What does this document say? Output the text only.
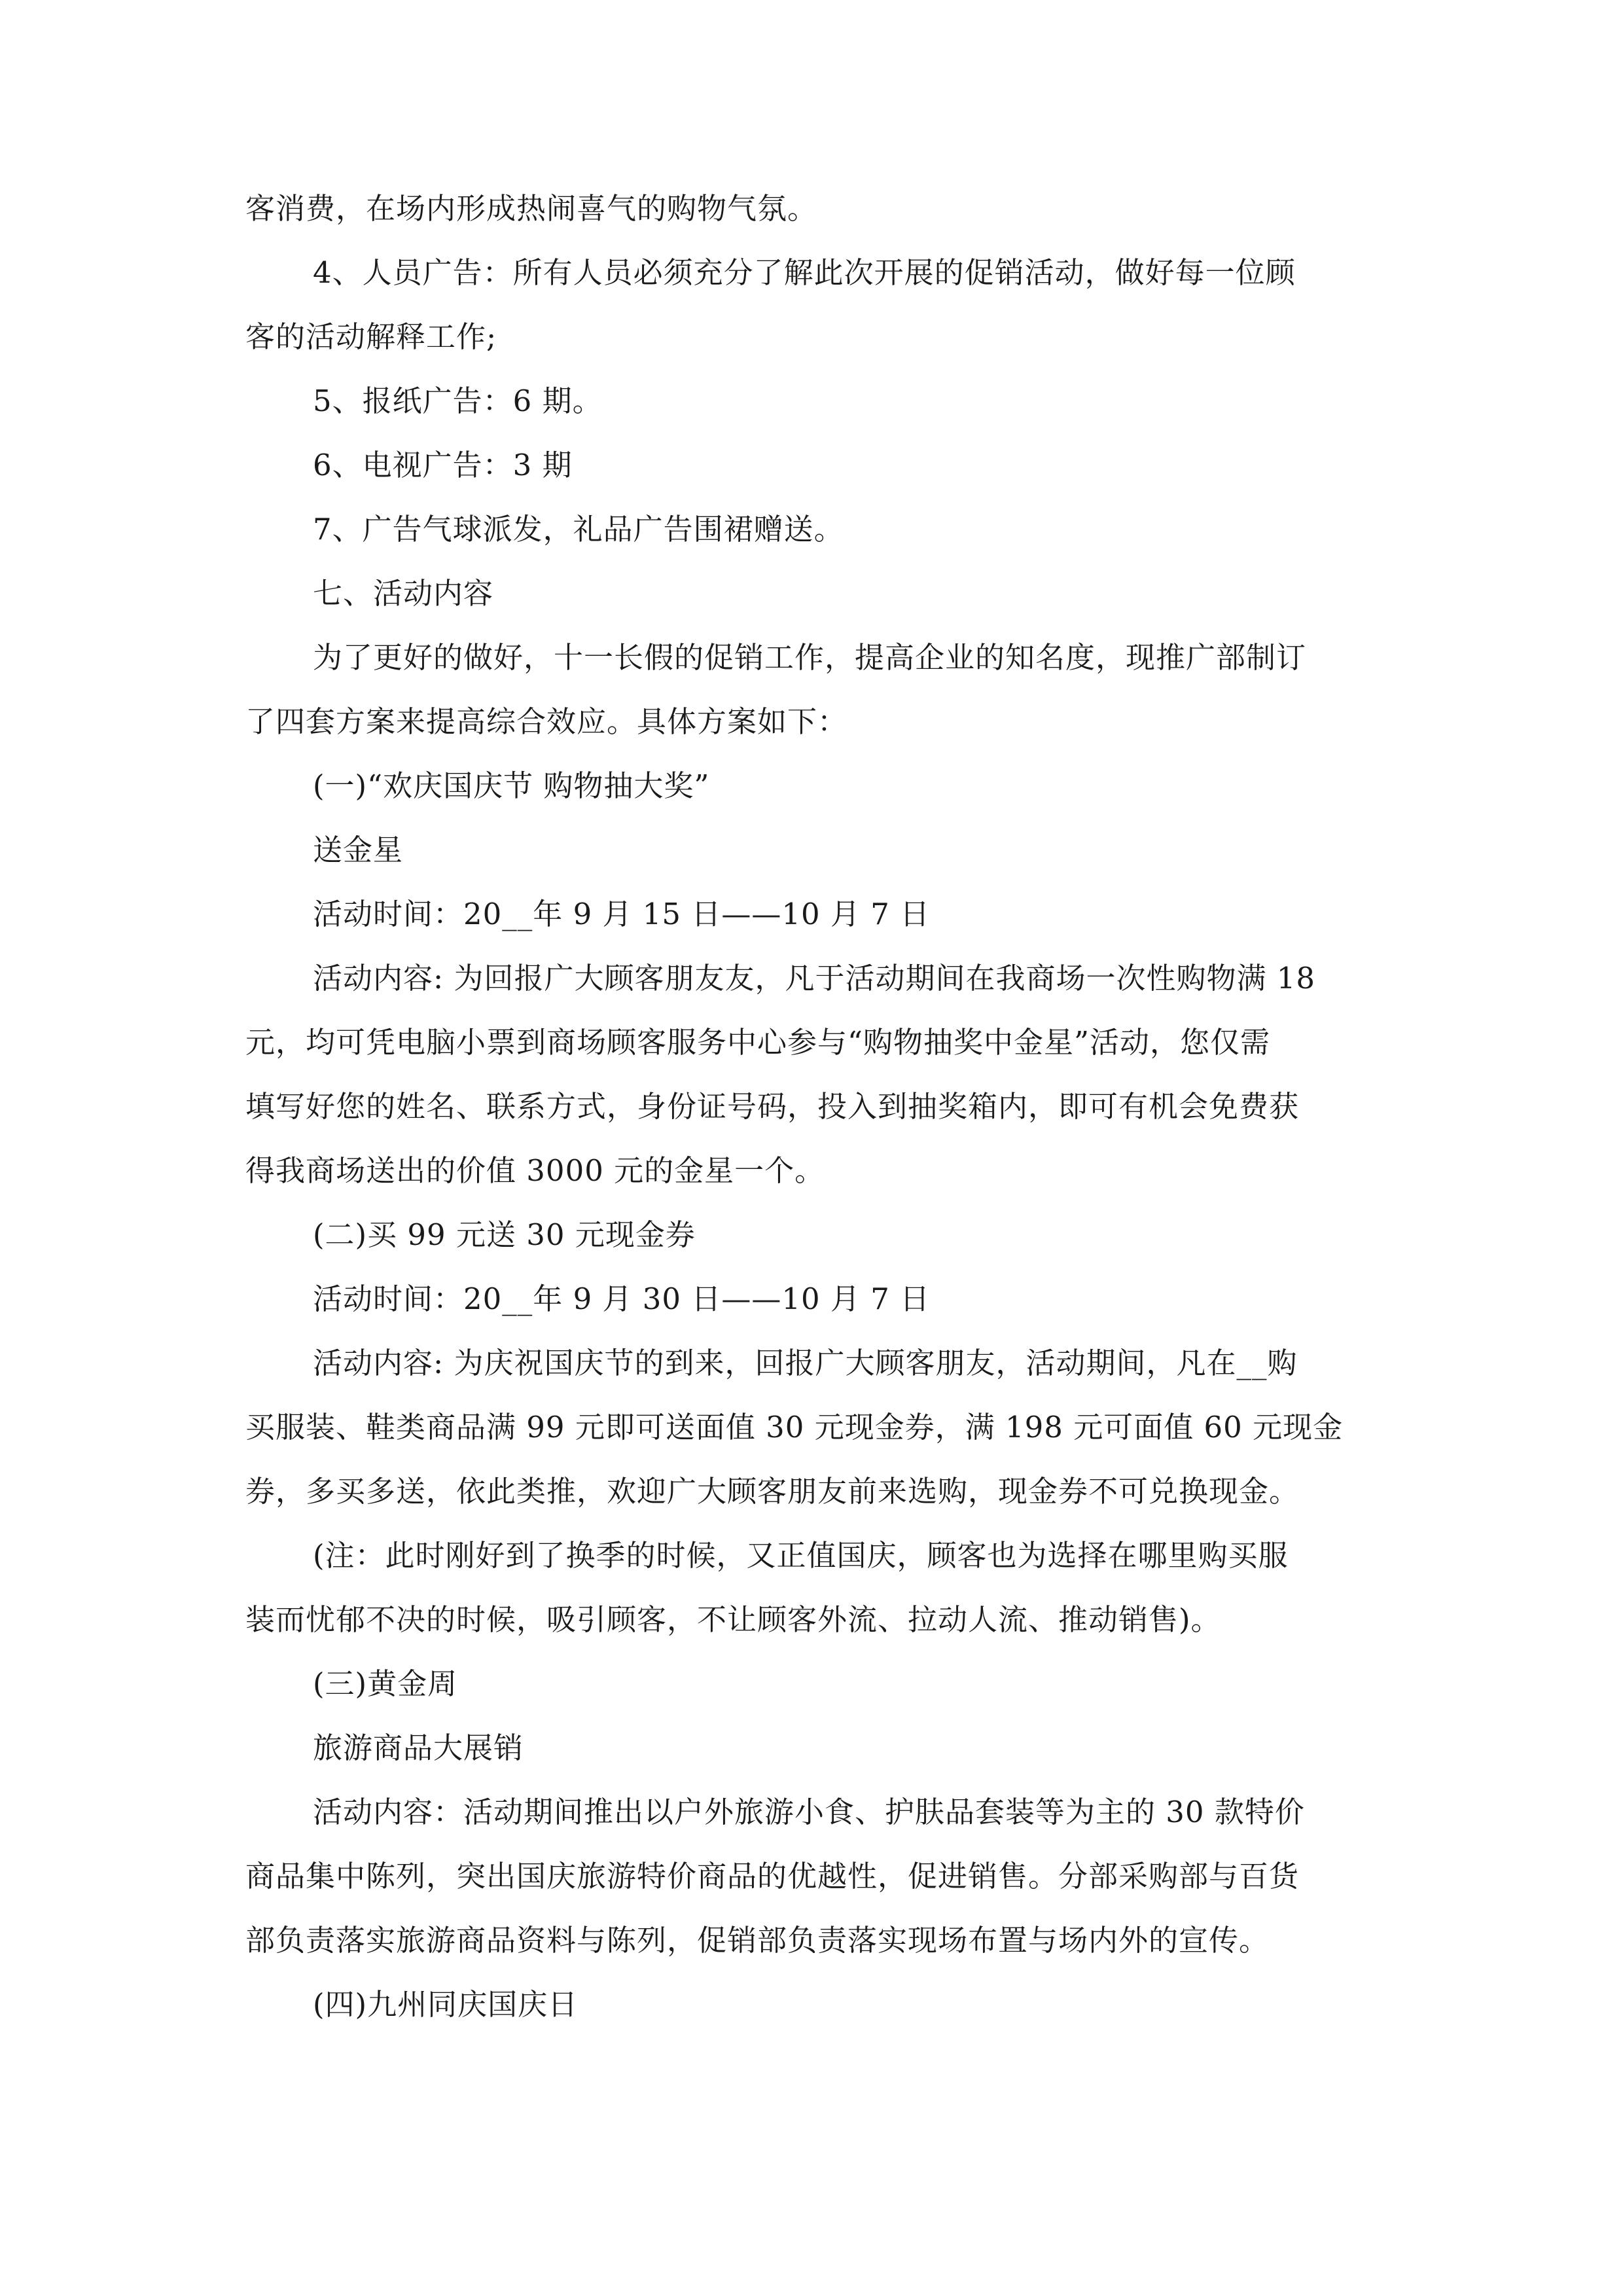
客消费，在场内形成热闹喜气的购物气氛。
4、人员广告：所有人员必须充分了解此次开展的促销活动，做好每一位顾
客的活动解释工作;
5、报纸广告：6 期。
6、电视广告：3 期
7、广告气球派发，礼品广告围裙赠送。
七、活动内容
为了更好的做好，十一长假的促销工作，提高企业的知名度，现推广部制订
了四套方案来提高综合效应。具体方案如下：
(一)“欢庆国庆节 购物抽大奖”
送金星
活动时间：20__年 9 月 15 日——10 月 7 日
活动内容: 为回报广大顾客朋友友，凡于活动期间在我商场一次性购物满 18
元，均可凭电脑小票到商场顾客服务中心参与“购物抽奖中金星”活动，您仅需
填写好您的姓名、联系方式，身份证号码，投入到抽奖箱内，即可有机会免费获
得我商场送出的价值 3000 元的金星一个。
(二)买 99 元送 30 元现金券
活动时间：20__年 9 月 30 日——10 月 7 日
活动内容: 为庆祝国庆节的到来，回报广大顾客朋友，活动期间，凡在__购
买服装、鞋类商品满 99 元即可送面值 30 元现金券，满 198 元可面值 60 元现金
券，多买多送，依此类推，欢迎广大顾客朋友前来选购，现金券不可兑换现金。
(注：此时刚好到了换季的时候，又正值国庆，顾客也为选择在哪里购买服
装而忧郁不决的时候，吸引顾客，不让顾客外流、拉动人流、推动销售)。
(三)黄金周
旅游商品大展销
活动内容：活动期间推出以户外旅游小食、护肤品套装等为主的 30 款特价
商品集中陈列，突出国庆旅游特价商品的优越性，促进销售。分部采购部与百货
部负责落实旅游商品资料与陈列，促销部负责落实现场布置与场内外的宣传。
(四)九州同庆国庆日
